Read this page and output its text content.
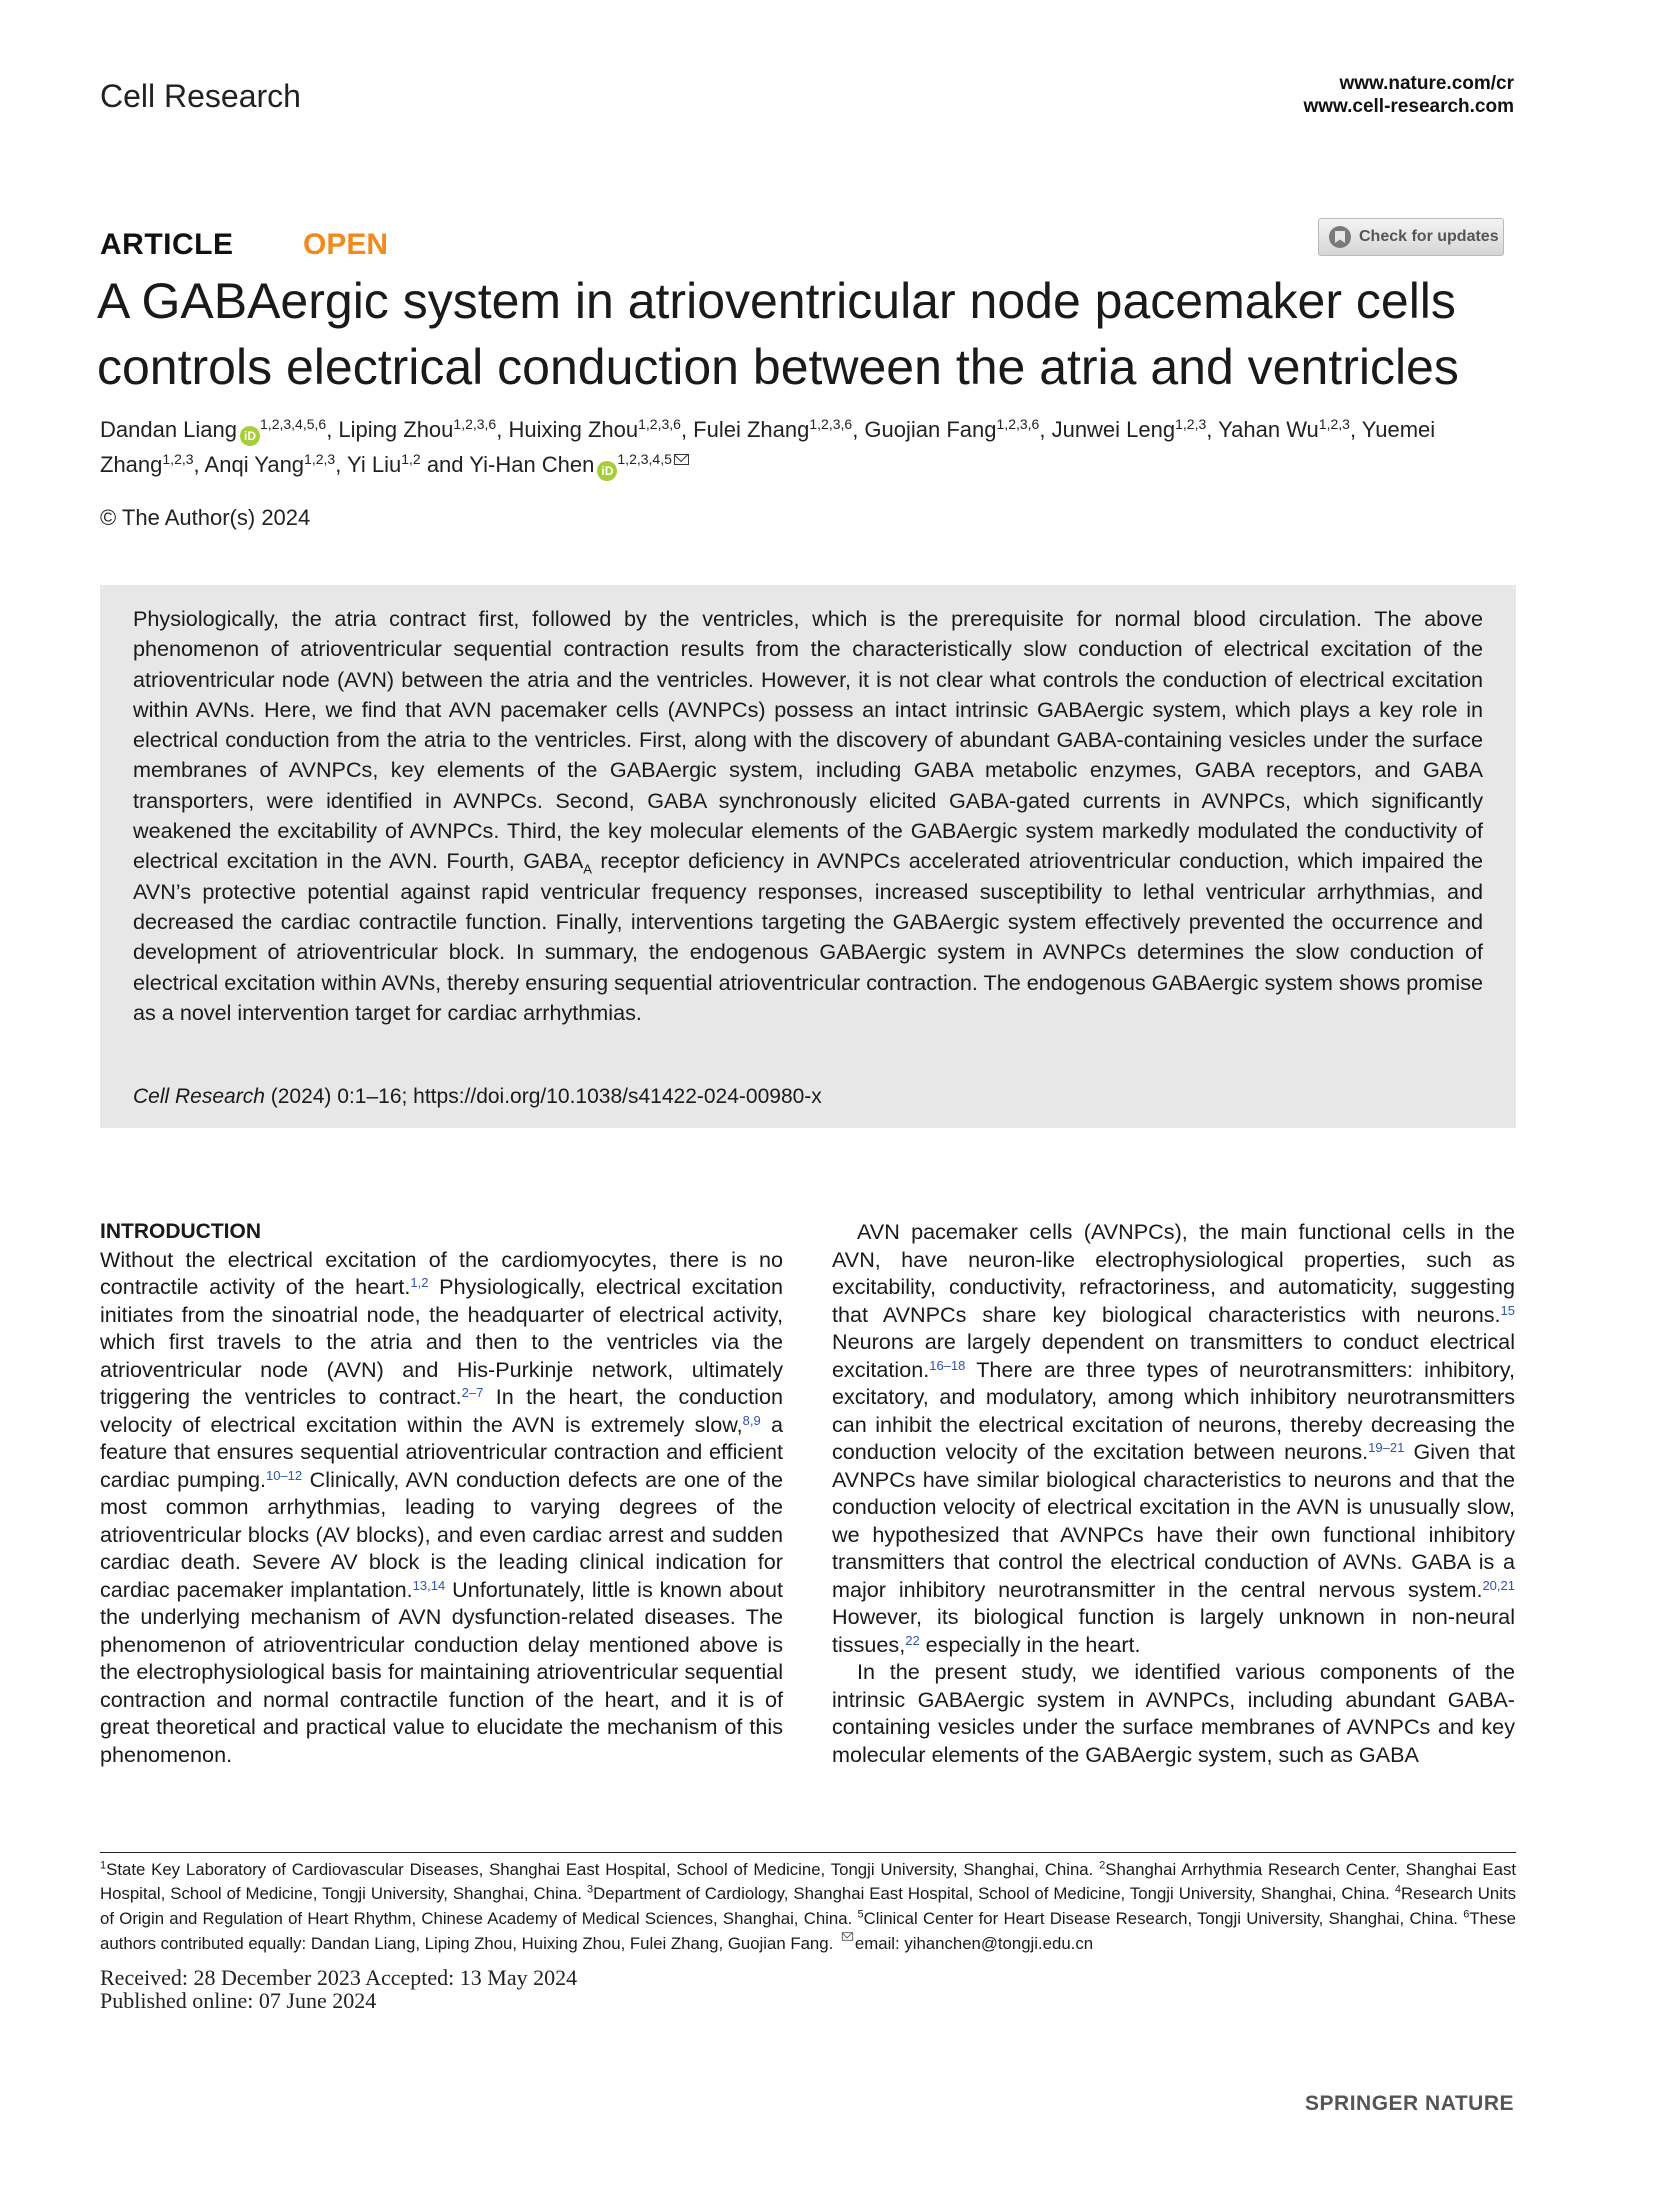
Cell Research	www.nature.com/cr
www.cell-research.com
ARTICLE OPEN	Check for updates
A GABAergic system in atrioventricular node pacemaker cells controls electrical conduction between the atria and ventricles
Dandan Liang iD$^{1,2,3,4,5,6}$, Liping Zhou$^{1,2,3,6}$, Huixing Zhou$^{1,2,3,6}$, Fulei Zhang$^{1,2,3,6}$, Guojian Fang$^{1,2,3,6}$, Junwei Leng$^{1,2,3}$, Yahan Wu$^{1,2,3}$, Yuemei Zhang$^{1,2,3}$, Anqi Yang$^{1,2,3}$, Yi Liu$^{1,2}$ and Yi-Han Chen iD$^{1,2,3,4,5}$
© The Author(s) 2024
Physiologically, the atria contract first, followed by the ventricles, which is the prerequisite for normal blood circulation. The above phenomenon of atrioventricular sequential contraction results from the characteristically slow conduction of electrical excitation of the atrioventricular node (AVN) between the atria and the ventricles. However, it is not clear what controls the conduction of electrical excitation within AVNs. Here, we find that AVN pacemaker cells (AVNPCs) possess an intact intrinsic GABAergic system, which plays a key role in electrical conduction from the atria to the ventricles. First, along with the discovery of abundant GABA-containing vesicles under the surface membranes of AVNPCs, key elements of the GABAergic system, including GABA metabolic enzymes, GABA receptors, and GABA transporters, were identified in AVNPCs. Second, GABA synchronously elicited GABA-gated currents in AVNPCs, which significantly weakened the excitability of AVNPCs. Third, the key molecular elements of the GABAergic system markedly modulated the conductivity of electrical excitation in the AVN. Fourth, $GABA_A$ receptor deficiency in AVNPCs accelerated atrioventricular conduction, which impaired the AVN’s protective potential against rapid ventricular frequency responses, increased susceptibility to lethal ventricular arrhythmias, and decreased the cardiac contractile function. Finally, interventions targeting the GABAergic system effectively prevented the occurrence and development of atrioventricular block. In summary, the endogenous GABAergic system in AVNPCs determines the slow conduction of electrical excitation within AVNs, thereby ensuring sequential atrioventricular contraction. The endogenous GABAergic system shows promise as a novel intervention target for cardiac arrhythmias.
Cell Research (2024) 0:1–16; https://doi.org/10.1038/s41422-024-00980-x
INTRODUCTION

Without the electrical excitation of the cardiomyocytes, there is no contractile activity of the heart.$^{1,2}$ Physiologically, electrical excitation initiates from the sinoatrial node, the headquarter of electrical activity, which first travels to the atria and then to the ventricles via the atrioventricular node (AVN) and His-Purkinje network, ultimately triggering the ventricles to contract.$^{2-7}$ In the heart, the conduction velocity of electrical excitation within the AVN is extremely slow,$^{8,9}$ a feature that ensures sequential atrioventricular contraction and efficient cardiac pumping.$^{10-12}$ Clinically, AVN conduction defects are one of the most common arrhythmias, leading to varying degrees of the atrioventricular blocks (AV blocks), and even cardiac arrest and sudden cardiac death. Severe AV block is the leading clinical indication for cardiac pacemaker implantation.$^{13,14}$ Unfortunately, little is known about the underlying mechanism of AVN dysfunction-related diseases. The phenomenon of atrioventricular conduction delay mentioned above is the electrophysiological basis for maintaining atrioventricular sequential contraction and normal contractile function of the heart, and it is of great theoretical and practical value to elucidate the mechanism of this phenomenon.

AVN pacemaker cells (AVNPCs), the main functional cells in the AVN, have neuron-like electrophysiological properties, such as excitability, conductivity, refractoriness, and automaticity, suggesting that AVNPCs share key biological characteristics with neurons.$^{15}$ Neurons are largely dependent on transmitters to conduct electrical excitation.$^{16-18}$ There are three types of neurotransmitters: inhibitory, excitatory, and modulatory, among which inhibitory neurotransmitters can inhibit the electrical excitation of neurons, thereby decreasing the conduction velocity of the excitation between neurons.$^{19-21}$ Given that AVNPCs have similar biological characteristics to neurons and that the conduction velocity of electrical excitation in the AVN is unusually slow, we hypothesized that AVNPCs have their own functional inhibitory transmitters that control the electrical conduction of AVNs. GABA is a major inhibitory neurotransmitter in the central nervous system.$^{20,21}$ However, its biological function is largely unknown in non-neural tissues,$^{22}$ especially in the heart.

In the present study, we identified various components of the intrinsic GABAergic system in AVNPCs, including abundant GABA-containing vesicles under the surface membranes of AVNPCs and key molecular elements of the GABAergic system, such as GABA

$^1$State Key Laboratory of Cardiovascular Diseases, Shanghai East Hospital, School of Medicine, Tongji University, Shanghai, China. $^2$Shanghai Arrhythmia Research Center, Shanghai East Hospital, School of Medicine, Tongji University, Shanghai, China. $^3$Department of Cardiology, Shanghai East Hospital, School of Medicine, Tongji University, Shanghai, China. $^4$Research Units of Origin and Regulation of Heart Rhythm, Chinese Academy of Medical Sciences, Shanghai, China. $^5$Clinical Center for Heart Disease Research, Tongji University, Shanghai, China. $^6$These authors contributed equally: Dandan Liang, Liping Zhou, Huixing Zhou, Fulei Zhang, Guojian Fang. email: yihanchen@tongji.edu.cn
Received: 28 December 2023 Accepted: 13 May 2024
Published online: 07 June 2024
SPRINGER NATURE
